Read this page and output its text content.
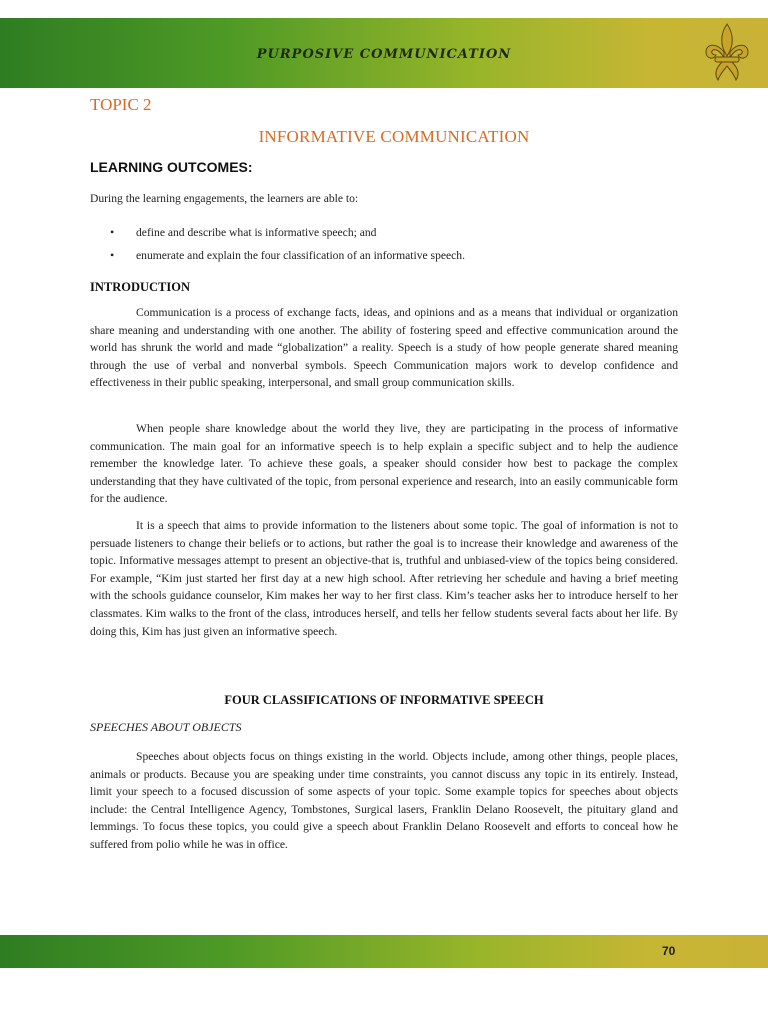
PURPOSIVE COMMUNICATION
TOPIC 2
INFORMATIVE COMMUNICATION
LEARNING OUTCOMES:
During the learning engagements, the learners are able to:
• define and describe what is informative speech; and
• enumerate and explain the four classification of an informative speech.
INTRODUCTION

Communication is a process of exchange facts, ideas, and opinions and as a means that individual or organization share meaning and understanding with one another. The ability of fostering speed and effective communication around the world has shrunk the world and made “globalization” a reality. Speech is a study of how people generate shared meaning through the use of verbal and nonverbal symbols. Speech Communication majors work to develop confidence and effectiveness in their public speaking, interpersonal, and small group communication skills.

When people share knowledge about the world they live, they are participating in the process of informative communication. The main goal for an informative speech is to help explain a specific subject and to help the audience remember the knowledge later. To achieve these goals, a speaker should consider how best to package the complex understanding that they have cultivated of the topic, from personal experience and research, into an easily communicable form for the audience.

It is a speech that aims to provide information to the listeners about some topic. The goal of information is not to persuade listeners to change their beliefs or to actions, but rather the goal is to increase their knowledge and awareness of the topic. Informative messages attempt to present an objective-that is, truthful and unbiased-view of the topics being considered. For example, “Kim just started her first day at a new high school. After retrieving her schedule and having a brief meeting with the schools guidance counselor, Kim makes her way to her first class. Kim’s teacher asks her to introduce herself to her classmates. Kim walks to the front of the class, introduces herself, and tells her fellow students several facts about her life. By doing this, Kim has just given an informative speech.

FOUR CLASSIFICATIONS OF INFORMATIVE SPEECH
SPEECHES ABOUT OBJECTS

Speeches about objects focus on things existing in the world. Objects include, among other things, people places, animals or products. Because you are speaking under time constraints, you cannot discuss any topic in its entirely. Instead, limit your speech to a focused discussion of some aspects of your topic. Some example topics for speeches about objects include: the Central Intelligence Agency, Tombstones, Surgical lasers, Franklin Delano Roosevelt, the pituitary gland and lemmings. To focus these topics, you could give a speech about Franklin Delano Roosevelt and efforts to conceal how he suffered from polio while he was in office.

70
